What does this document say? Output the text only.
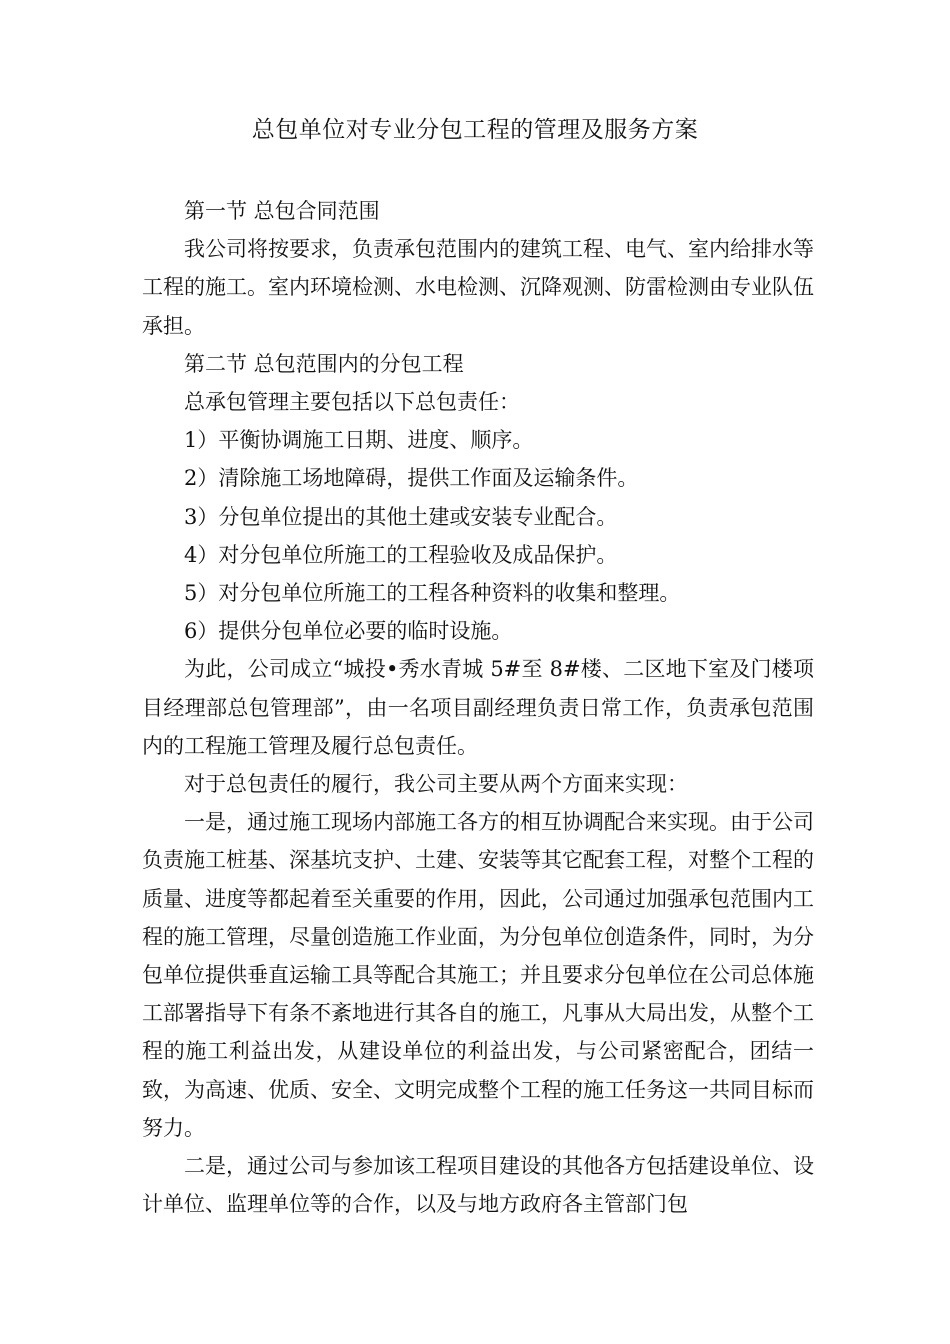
总包单位对专业分包工程的管理及服务方案

第一节 总包合同范围

我公司将按要求，负责承包范围内的建筑工程、电气、室内给排水等工程的施工。室内环境检测、水电检测、沉降观测、防雷检测由专业队伍承担。

第二节 总包范围内的分包工程

总承包管理主要包括以下总包责任：

1）平衡协调施工日期、进度、顺序。

2）清除施工场地障碍，提供工作面及运输条件。

3）分包单位提出的其他土建或安装专业配合。

4）对分包单位所施工的工程验收及成品保护。

5）对分包单位所施工的工程各种资料的收集和整理。

6）提供分包单位必要的临时设施。

为此，公司成立“城投•秀水青城 5#至 8#楼、二区地下室及门楼项目经理部总包管理部”，由一名项目副经理负责日常工作，负责承包范围内的工程施工管理及履行总包责任。

对于总包责任的履行，我公司主要从两个方面来实现：

一是，通过施工现场内部施工各方的相互协调配合来实现。由于公司负责施工桩基、深基坑支护、土建、安装等其它配套工程，对整个工程的质量、进度等都起着至关重要的作用，因此，公司通过加强承包范围内工程的施工管理，尽量创造施工作业面，为分包单位创造条件，同时，为分包单位提供垂直运输工具等配合其施工；并且要求分包单位在公司总体施工部署指导下有条不紊地进行其各自的施工，凡事从大局出发，从整个工程的施工利益出发，从建设单位的利益出发，与公司紧密配合，团结一致，为高速、优质、安全、文明完成整个工程的施工任务这一共同目标而努力。

二是，通过公司与参加该工程项目建设的其他各方包括建设单位、设计单位、监理单位等的合作，以及与地方政府各主管部门包
